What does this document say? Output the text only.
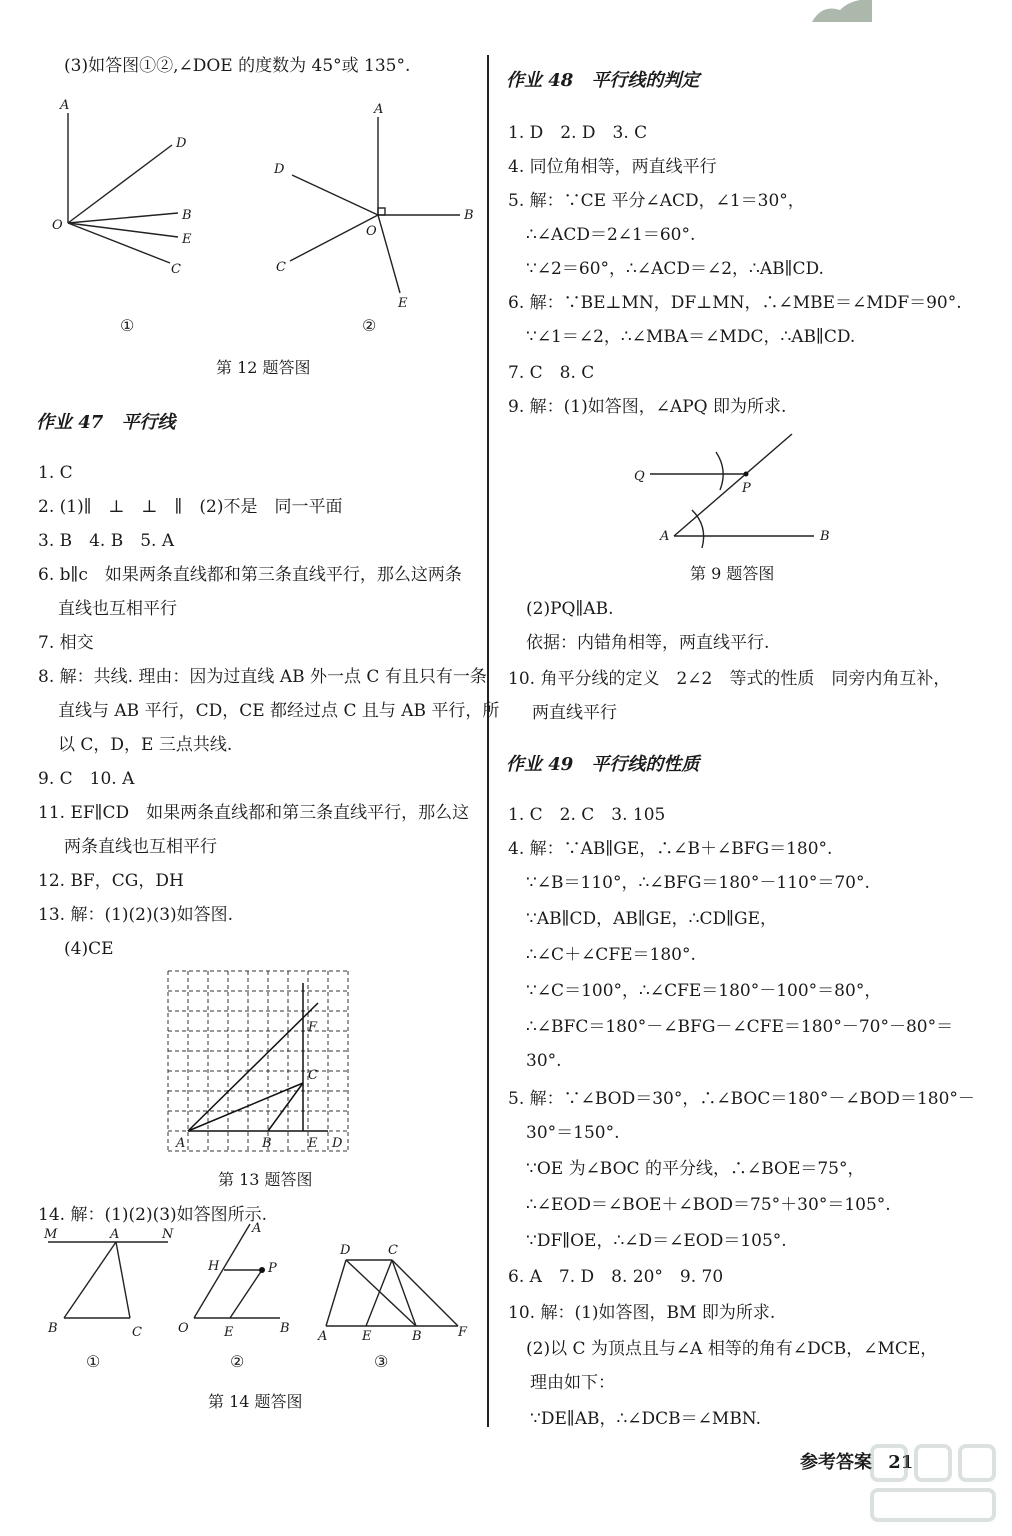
(3)如答图①②,∠DOE 的度数为 45°或 135°.
A
D
O
B
E
C
A
D
O
B
C
E
①	②
第 12 题答图
作业 47　平行线
1. C
2. (1)∥　⊥　⊥　∥　(2)不是　同一平面
3. B　4. B　5. A
6. b∥c　如果两条直线都和第三条直线平行，那么这两条
直线也互相平行
7. 相交
8. 解：共线. 理由：因为过直线 AB 外一点 C 有且只有一条
直线与 AB 平行，CD，CE 都经过点 C 且与 AB 平行，所
以 C，D，E 三点共线.
9. C　10. A
11. EF∥CD　如果两条直线都和第三条直线平行，那么这
两条直线也互相平行
12. BF，CG，DH
13. 解：(1)(2)(3)如答图.
(4)CE
F
C
A	B	E D
第 13 题答图
14. 解：(1)(2)(3)如答图所示.
M	A	N
B	C
A
H	P
O	E	B
D	C
A	E	B	F
①	②	③
第 14 题答图
作业 48　平行线的判定
1. D　2. D　3. C
4. 同位角相等，两直线平行
5. 解：∵CE 平分∠ACD，∠1＝30°，
∴∠ACD＝2∠1＝60°.
∵∠2＝60°，∴∠ACD＝∠2，∴AB∥CD.
6. 解：∵BE⊥MN，DF⊥MN，∴∠MBE＝∠MDF＝90°.
∵∠1＝∠2，∴∠MBA＝∠MDC，∴AB∥CD.
7. C　8. C
9. 解：(1)如答图，∠APQ 即为所求.
Q
P
A	B
第 9 题答图
(2)PQ∥AB.
依据：内错角相等，两直线平行.
10. 角平分线的定义　2∠2　等式的性质　同旁内角互补，
两直线平行
作业 49　平行线的性质
1. C　2. C　3. 105
4. 解：∵AB∥GE，∴∠B＋∠BFG＝180°.
∵∠B＝110°，∴∠BFG＝180°－110°＝70°.
∵AB∥CD，AB∥GE，∴CD∥GE，
∴∠C＋∠CFE＝180°.
∵∠C＝100°，∴∠CFE＝180°－100°＝80°，
∴∠BFC＝180°－∠BFG－∠CFE＝180°－70°－80°＝
30°.
5. 解：∵∠BOD＝30°，∴∠BOC＝180°－∠BOD＝180°－
30°＝150°.
∵OE 为∠BOC 的平分线，∴∠BOE＝75°，
∴∠EOD＝∠BOE＋∠BOD＝75°＋30°＝105°.
∵DF∥OE，∴∠D＝∠EOD＝105°.
6. A　7. D　8. 20°　9. 70
10. 解：(1)如答图，BM 即为所求.
(2)以 C 为顶点且与∠A 相等的角有∠DCB，∠MCE，
理由如下：
∵DE∥AB，∴∠DCB＝∠MBN.
参考答案 21
